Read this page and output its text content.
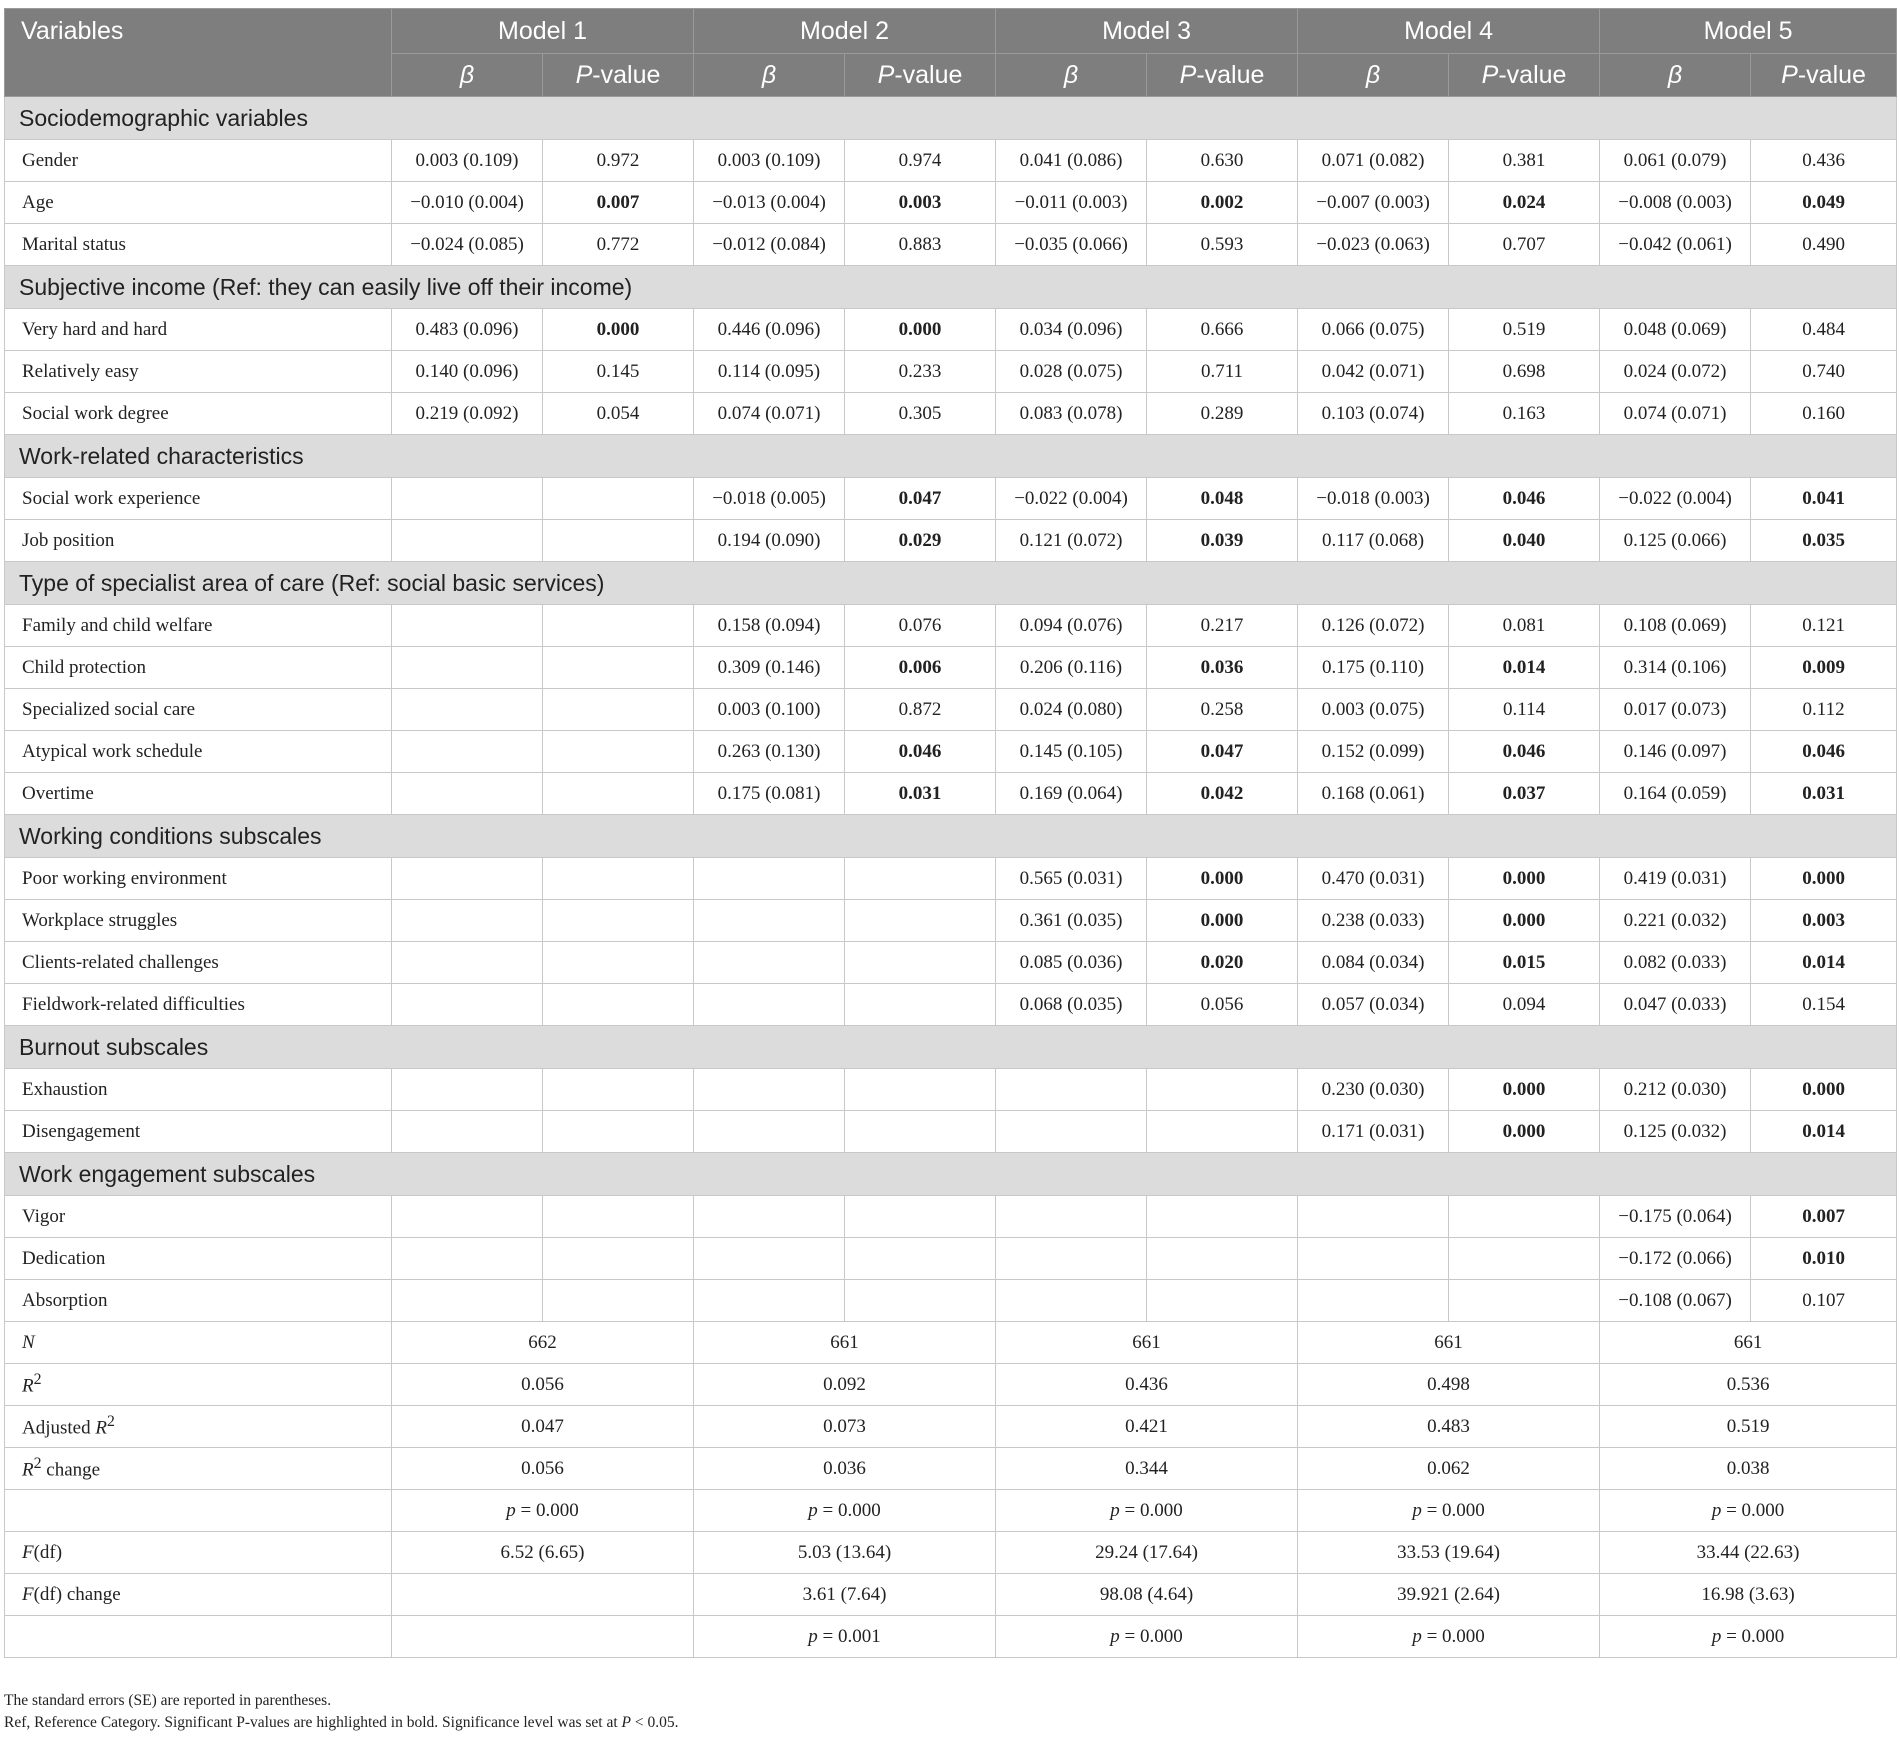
Variables	Model 1		Model 2		Model 3		Model 4		Model 5	
	β	P-value	β	P-value	β	P-value	β	P-value	β	P-value
Sociodemographic variables										
Gender	0.003 (0.109)	0.972	0.003 (0.109)	0.974	0.041 (0.086)	0.630	0.071 (0.082)	0.381	0.061 (0.079)	0.436
Age	−0.010 (0.004)	0.007	−0.013 (0.004)	0.003	−0.011 (0.003)	0.002	−0.007 (0.003)	0.024	−0.008 (0.003)	0.049
Marital status	−0.024 (0.085)	0.772	−0.012 (0.084)	0.883	−0.035 (0.066)	0.593	−0.023 (0.063)	0.707	−0.042 (0.061)	0.490
Subjective income (Ref: they can easily live off their income)										
Very hard and hard	0.483 (0.096)	0.000	0.446 (0.096)	0.000	0.034 (0.096)	0.666	0.066 (0.075)	0.519	0.048 (0.069)	0.484
Relatively easy	0.140 (0.096)	0.145	0.114 (0.095)	0.233	0.028 (0.075)	0.711	0.042 (0.071)	0.698	0.024 (0.072)	0.740
Social work degree	0.219 (0.092)	0.054	0.074 (0.071)	0.305	0.083 (0.078)	0.289	0.103 (0.074)	0.163	0.074 (0.071)	0.160
Work-related characteristics										
Social work experience			−0.018 (0.005)	0.047	−0.022 (0.004)	0.048	−0.018 (0.003)	0.046	−0.022 (0.004)	0.041
Job position			0.194 (0.090)	0.029	0.121 (0.072)	0.039	0.117 (0.068)	0.040	0.125 (0.066)	0.035
Type of specialist area of care (Ref: social basic services)										
Family and child welfare			0.158 (0.094)	0.076	0.094 (0.076)	0.217	0.126 (0.072)	0.081	0.108 (0.069)	0.121
Child protection			0.309 (0.146)	0.006	0.206 (0.116)	0.036	0.175 (0.110)	0.014	0.314 (0.106)	0.009
Specialized social care			0.003 (0.100)	0.872	0.024 (0.080)	0.258	0.003 (0.075)	0.114	0.017 (0.073)	0.112
Atypical work schedule			0.263 (0.130)	0.046	0.145 (0.105)	0.047	0.152 (0.099)	0.046	0.146 (0.097)	0.046
Overtime			0.175 (0.081)	0.031	0.169 (0.064)	0.042	0.168 (0.061)	0.037	0.164 (0.059)	0.031
Working conditions subscales										
Poor working environment					0.565 (0.031)	0.000	0.470 (0.031)	0.000	0.419 (0.031)	0.000
Workplace struggles					0.361 (0.035)	0.000	0.238 (0.033)	0.000	0.221 (0.032)	0.003
Clients-related challenges					0.085 (0.036)	0.020	0.084 (0.034)	0.015	0.082 (0.033)	0.014
Fieldwork-related difficulties					0.068 (0.035)	0.056	0.057 (0.034)	0.094	0.047 (0.033)	0.154
Burnout subscales										
Exhaustion							0.230 (0.030)	0.000	0.212 (0.030)	0.000
Disengagement							0.171 (0.031)	0.000	0.125 (0.032)	0.014
Work engagement subscales										
Vigor									−0.175 (0.064)	0.007
Dedication									−0.172 (0.066)	0.010
Absorption									−0.108 (0.067)	0.107
N	662		661		661		661		661	
$R^2$	0.056		0.092		0.436		0.498		0.536	
Adjusted $R^2$	0.047		0.073		0.421		0.483		0.519	
$R^2$ change	0.056		0.036		0.344		0.062		0.038	
	p = 0.000		p = 0.000		p = 0.000		p = 0.000		p = 0.000	
F(df)	6.52 (6.65)		5.03 (13.64)		29.24 (17.64)		33.53 (19.64)		33.44 (22.63)	
F(df) change			3.61 (7.64)		98.08 (4.64)		39.921 (2.64)		16.98 (3.63)	
			p = 0.001		p = 0.000		p = 0.000		p = 0.000	
The standard errors (SE) are reported in parentheses.
Ref, Reference Category. Significant P-values are highlighted in bold. Significance level was set at P < 0.05.
